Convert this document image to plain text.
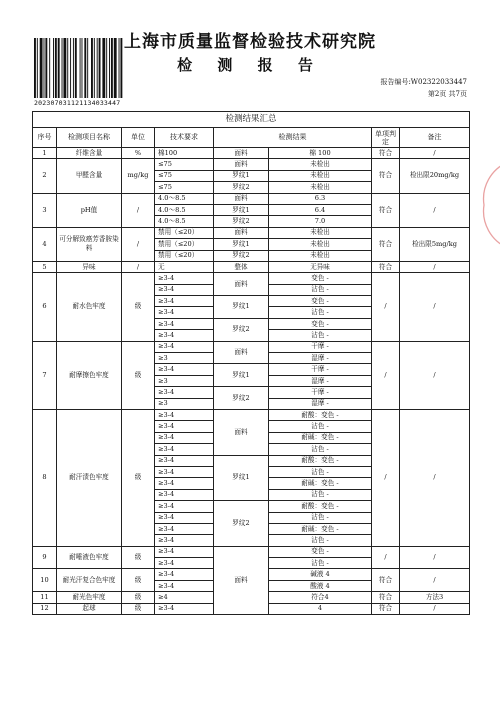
上海市质量监督检验技术研究院
检 测 报 告
202307031121134033447
报告编号:W02322033447
第2页 共7页
检测结果汇总							
序号	检测项目名称	单位	技术要求	检测结果		单项判定	备注
1	纤维含量	%	棉100	面料	棉 100	符合	/
2	甲醛含量	mg/kg	≤75	面料	未检出	符合	检出限20mg/kg
			≤75	罗纹1	未检出		
			≤75	罗纹2	未检出		
3	pH值	/	4.0～8.5	面料	6.3	符合	/
			4.0～8.5	罗纹1	6.4		
			4.0～8.5	罗纹2	7.0		
4	可分解致癌芳香胺染料	/	禁用（≤20）	面料	未检出	符合	检出限5mg/kg
			禁用（≤20）	罗纹1	未检出		
			禁用（≤20）	罗纹2	未检出		
5	异味	/	无	整体	无异味	符合	/
6	耐水色牢度	级	≥3-4	面料	变色 -	/	/
			≥3-4		沾色 -		
			≥3-4	罗纹1	变色 -		
			≥3-4		沾色 -		
			≥3-4	罗纹2	变色 -		
			≥3-4		沾色 -		
7	耐摩擦色牢度	级	≥3-4	面料	干摩 -	/	/
			≥3		湿摩 -		
			≥3-4	罗纹1	干摩 -		
			≥3		湿摩 -		
			≥3-4	罗纹2	干摩 -		
			≥3		湿摩 -		
8	耐汗渍色牢度	级	≥3-4	面料	耐酸：变色 -	/	/
			≥3-4		沾色 -		
			≥3-4		耐碱：变色 -		
			≥3-4		沾色 -		
			≥3-4	罗纹1	耐酸：变色 -		
			≥3-4		沾色 -		
			≥3-4		耐碱：变色 -		
			≥3-4		沾色 -		
			≥3-4	罗纹2	耐酸：变色 -		
			≥3-4		沾色 -		
			≥3-4		耐碱：变色 -		
			≥3-4		沾色 -		
9	耐唾液色牢度	级	≥3-4	面料	变色 -	/	/
			≥3-4		沾色 -		
10	耐光汗复合色牢度	级	≥3-4		碱液 4	符合	/
			≥3-4		酸液 4		
11	耐光色牢度	级	≥4		符合4	符合	方法3
12	起球	级	≥3-4		4	符合	/
